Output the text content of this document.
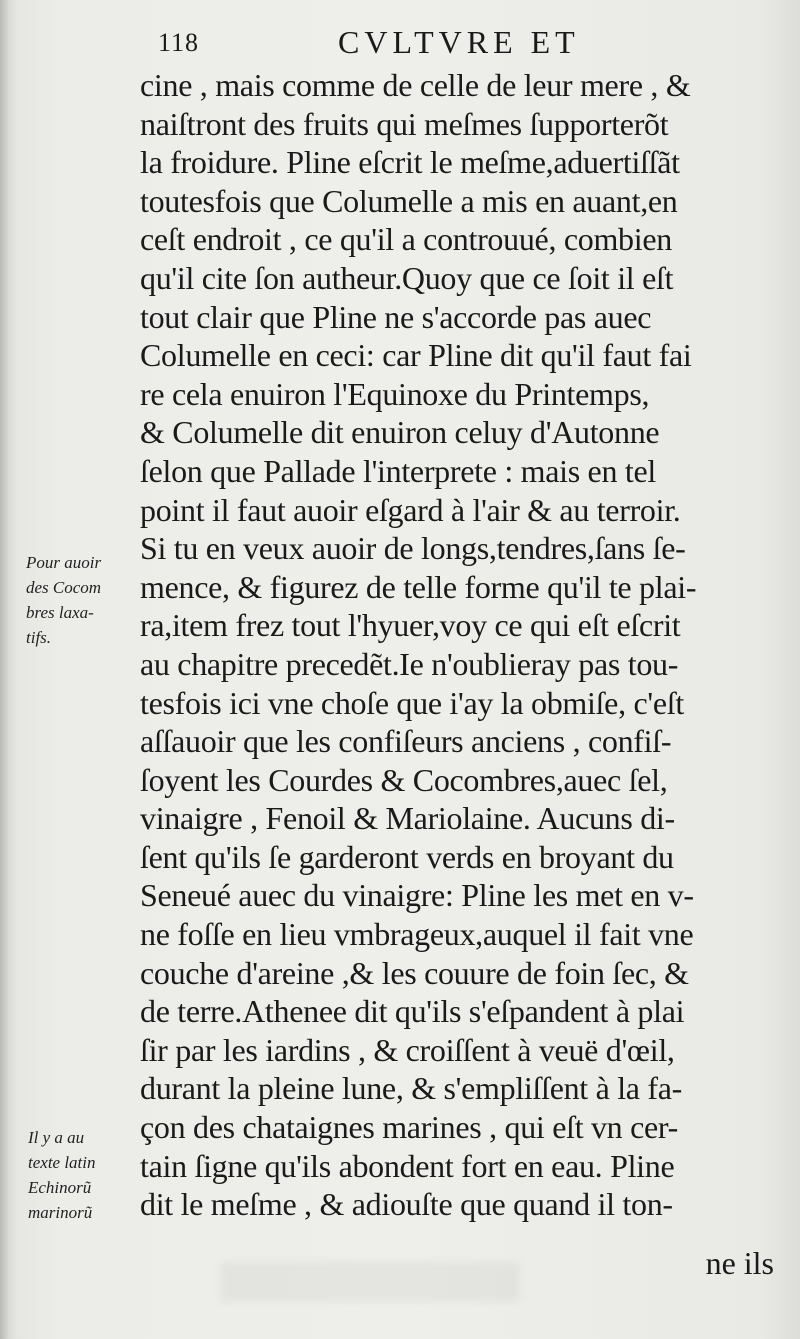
118	CVLTVRE ET
cine , mais comme de celle de leur mere , &
naiſtront des fruits qui meſmes ſupporterõt
la froidure. Pline eſcrit le meſme,aduertiſſãt
toutesfois que Columelle a mis en auant,en
ceſt endroit , ce qu'il a controuué, combien
qu'il cite ſon autheur.Quoy que ce ſoit il eſt
tout clair que Pline ne s'accorde pas auec
Columelle en ceci: car Pline dit qu'il faut fai
re cela enuiron l'Equinoxe du Printemps,
& Columelle dit enuiron celuy d'Autonne
ſelon que Pallade l'interprete : mais en tel
point il faut auoir eſgard à l'air & au terroir.
Si tu en veux auoir de longs,tendres,ſans ſe-
mence, & figurez de telle forme qu'il te plai-
ra,item frez tout l'hyuer,voy ce qui eſt eſcrit
au chapitre precedẽt.Ie n'oublieray pas tou-
tesfois ici vne choſe que i'ay la obmiſe, c'eſt
aſſauoir que les confiſeurs anciens , confiſ-
ſoyent les Courdes & Cocombres,auec ſel,
vinaigre , Fenoil & Mariolaine. Aucuns di-
ſent qu'ils ſe garderont verds en broyant du
Seneué auec du vinaigre: Pline les met en v-
ne foſſe en lieu vmbrageux,auquel il fait vne
couche d'areine ,& les couure de foin ſec, &
de terre.Athenee dit qu'ils s'eſpandent à plai
ſir par les iardins , & croiſſent à veuë d'œil,
durant la pleine lune, & s'empliſſent à la fa-
çon des chataignes marines , qui eſt vn cer-
tain ſigne qu'ils abondent fort en eau. Pline
dit le meſme , & adiouſte que quand il ton-
Pour auoir
des Cocom
bres laxa-
tifs.
Il y a au
texte latin
Echinorũ
marinorũ
ne ils
